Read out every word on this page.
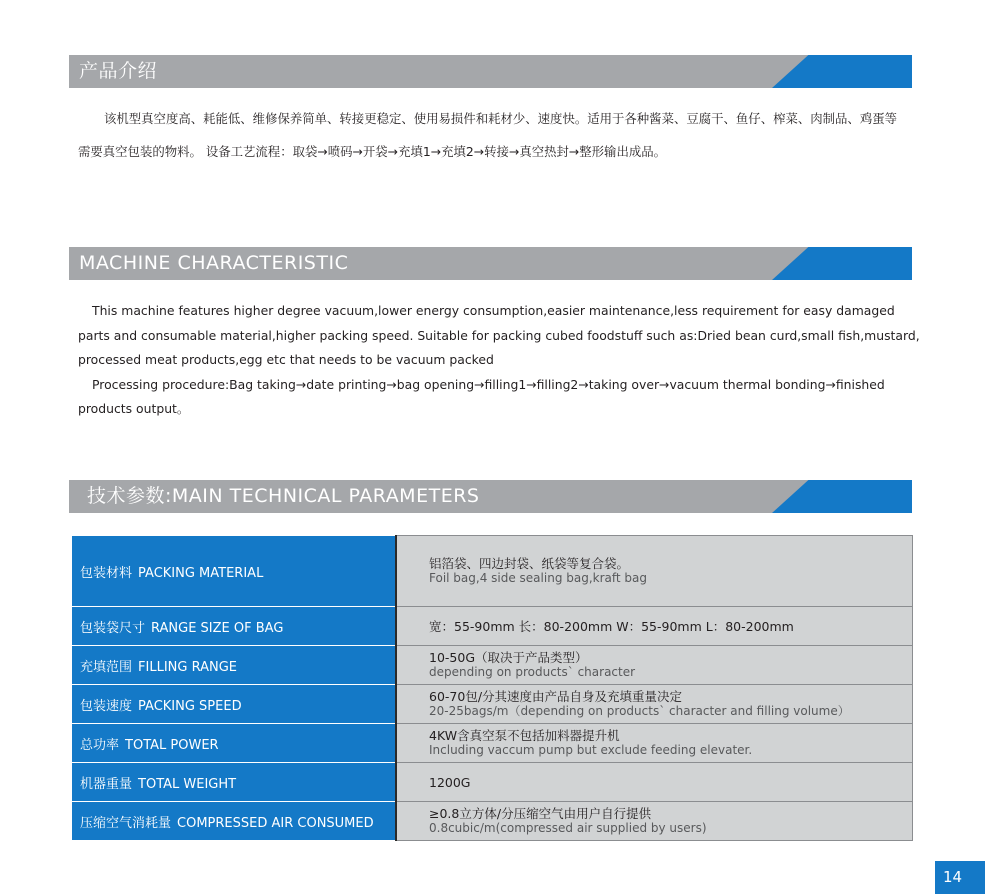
产品介绍

该机型真空度高、耗能低、维修保养简单、转接更稳定、使用易损件和耗材少、速度快。适用于各种酱菜、豆腐干、鱼仔、榨菜、肉制品、鸡蛋等
需要真空包装的物料。 设备工艺流程：取袋→喷码→开袋→充填1→充填2→转接→真空热封→整形输出成品。

MACHINE CHARACTERISTIC

This machine features higher degree vacuum,lower energy consumption,easier maintenance,less requirement for easy damaged
parts and consumable material,higher packing speed. Suitable for packing cubed foodstuff such as:Dried bean curd,small fish,mustard,
processed meat products,egg etc that needs to be vacuum packed
Processing procedure:Bag taking→date printing→bag opening→filling1→filling2→taking over→vacuum thermal bonding→finished
products output。

技术参数:MAIN TECHNICAL PARAMETERS
包装材料 PACKING MATERIAL	铝箔袋、四边封袋、纸袋等复合袋。
Foil bag,4 side sealing bag,kraft bag

包装袋尺寸 RANGE SIZE OF BAG	宽：55-90mm 长：80-200mm W：55-90mm L：80-200mm

充填范围 FILLING RANGE	10-50G（取决于产品类型）
depending on products` character

包装速度 PACKING SPEED	60-70包/分其速度由产品自身及充填重量决定
20-25bags/m（depending on products` character and filling volume）

总功率 TOTAL POWER	4KW含真空泵不包括加料器提升机
Including vaccum pump but exclude feeding elevater.

机器重量 TOTAL WEIGHT	1200G

压缩空气消耗量 COMPRESSED AIR CONSUMED	≥0.8立方体/分压缩空气由用户自行提供
0.8cubic/m(compressed air supplied by users)
14
